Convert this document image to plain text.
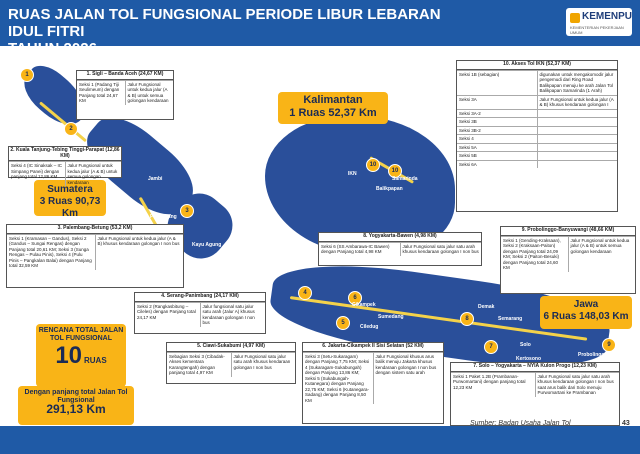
RUAS JALAN TOL FUNGSIONAL PERIODE LIBUR LEBARAN IDUL FITRI

KEMENPU
KEMENTERIAN PEKERJAAN UMUM
1
2
3
4
5
6
7
8
9
10
10
Palembang
Kayu Agung
Jambi	Samarinda
IKN
Balikpapan
Semarang
Solo
Demak
Probolinggo
Ciledug
Sumedang
Cikampek
Kertosono
Kalimantan
1 Ruas 52,37 Km
Sumatera
3 Ruas 90,73 Km
Jawa
6 Ruas 148,03 Km
RENCANA TOTAL JALAN TOL FUNGSIONAL
10 RUAS
Dengan panjang total Jalan Tol Fungsional
291,13 Km
1. Sigli – Banda Aceh (24,67 KM)
Seksi 1 (Padang Tiji Seulimeum) dengan Panjang total 24,67 KM
Jalur Fungsional untuk kedua jalur (A & B) untuk semua golongan kendaraan
2. Kuala Tanjung-Tebing Tinggi-Parapat (12,86 KM)
Seksi 4 (IC Sinaksak – IC Simpang Panei) dengan panjang total 12,86 KM
Jalur Fungsional untuk kedua jalur (A & B) untuk semua golongan kendaraan
3. Palembang-Betung (53,2 KM)
Seksi 1 (Kramasan – Gandus), Seksi 2 (Gandus – Sungai Rengas) dengan Panjang total 20,61 KM; Seksi 3 (Sunga Rengas – Pulau Pinis), Seksi 4 (Pulu Pinis – Pangkalan Balai) dengan Panjang total 32,59 KM
Jalur Fungsional untuk kedua jalur (A & B) khusus kendaraan golongan I non bus
4. Serang-Panimbang (24,17 KM)
Seksi 2 (Rangkasbitung – Cileles) dengan Panjang total 24,17 KM
Jalur fungsional satu jalur satu arah (Jalur A) khusus kendaraan golongan I non bus
5. Ciawi-Sukabumi (4,97 KM)
Sebagian Seksi 3 (Cibadak-Akses kementara Karangtengah) dengan panjang total 4,97 KM
Jalur Fungsional satu jalur satu arah khusus kendaraan golongan I non bus
6. Jakarta-Cikampek II Sisi Selatan (52 KM)
Seksi 3 (Setu-Sukaragam) dengan Panjang 7,75 KM; Seksi 4 (Sukaragam-Sukabungah) dengan Panjang 13,86 KM; Seksi 5 (Sukabungah-Kutanegara) dengan Panjang 22,75 KM; Seksi 6 (Kutanegara-Sadang) dengan Panjang 8,50 KM
Jalur Fungsional khusus arus balik menuju Jakarta khusus kendaraan golongan I non bus dengan sistem satu arah
7. Solo – Yogyakarta – NYIA Kulon Progo (12,23 KM)
Seksi 1 Paket 1.2B (Prambanan-Purwomartani) dengan panjang total 12,23 KM
Jalur Fungsional satu jalur satu arah khusus kendaraan golongan I non bus saat arus balik dari Solo menuju Purwomartani ke Prambanan
8. Yogyakarta-Bawen (4,98 KM)
Seksi 6 (SS Ambarawa-IC Bawen) dengan Panjang total 4,98 KM
Jalur Fungsional satu jalur satu arah khusus kendaraan golongan I non bus
9. Probolinggo-Banyuwangi (48,66 KM)
Seksi 1 (Gending-Kraksaan), Seksi 2 (Kraksaan-Paiton) dengan Panjang total 24,09 KM; Seksi 2 (Paiton-Besuki) dengan Panjang total 24,60 KM
Jalur Fungsional untuk kedua jalur (A & B) untuk semua golongan kendaraan
10. Akses Tol IKN (52,37 KM)
Seksi 1B (sebagian)	digunakan untuk mengakomodir jalur pengemudi dari Ring Road Balikpapan menuju ke arah Jalan Tol Balikpapan Samarinda (1 Arah)
Seksi 3A	Jalur Fungsional untuk kedua jalur (A & B) khusus kendaraan golongan I
Seksi 3A-2
Seksi 3B
Seksi 3B-2
Seksi 4
Seksi 5A
Seksi 5B
Seksi 6A
Sumber: Badan Usaha Jalan Tol	43
